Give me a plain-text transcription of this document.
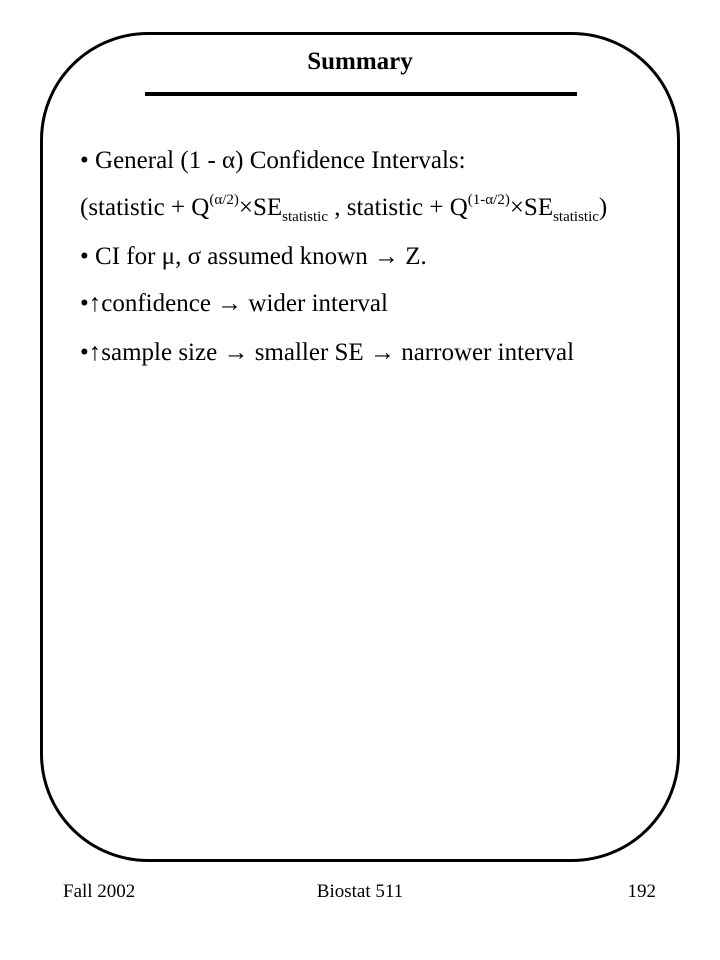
Summary
• General (1 - α) Confidence Intervals:
(statistic + $Q^{(\alpha/2)}\times SE_{statistic}$ , statistic + $Q^{(1-\alpha/2)}\times SE_{statistic}$)
• CI for μ, σ assumed known → Z.
•↑confidence → wider interval
•↑sample size → smaller SE → narrower interval
Fall 2002	Biostat 511	192
